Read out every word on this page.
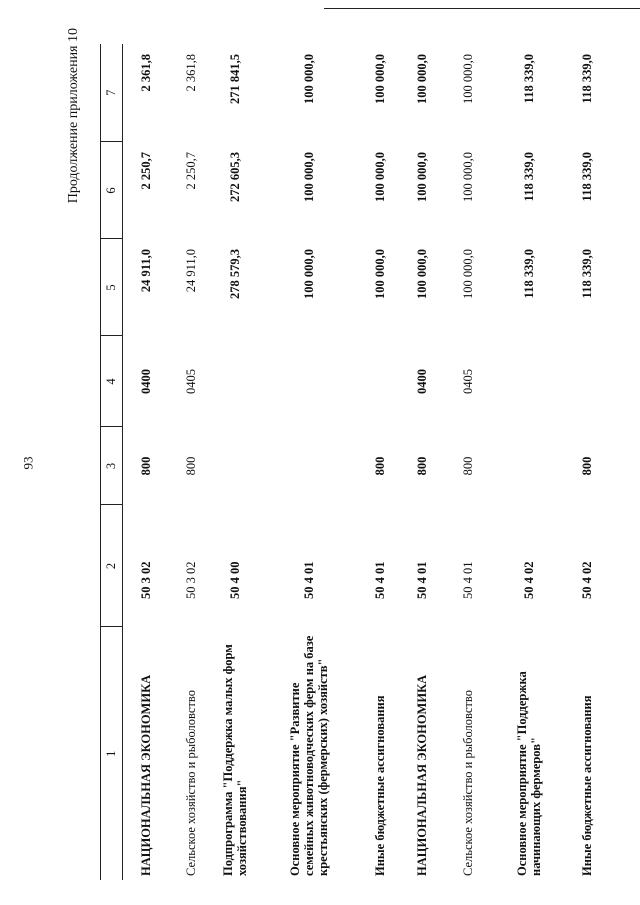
93
Продолжение приложения 10
1	2	3	4	5	6	7
НАЦИОНАЛЬНАЯ ЭКОНОМИКА	50 3 02	800	0400	24 911,0	2 250,7	2 361,8
Сельское хозяйство и рыболовство	50 3 02	800	0405	24 911,0	2 250,7	2 361,8
Подпрограмма "Поддержка малых форм хозяйствования"	50 4 00			278 579,3	272 605,3	271 841,5
Основное мероприятие "Развитие семейных животноводческих ферм на базе крестьянских (фермерских) хозяйств"	50 4 01			100 000,0	100 000,0	100 000,0
Иные бюджетные ассигнования	50 4 01	800		100 000,0	100 000,0	100 000,0
НАЦИОНАЛЬНАЯ ЭКОНОМИКА	50 4 01	800	0400	100 000,0	100 000,0	100 000,0
Сельское хозяйство и рыболовство	50 4 01	800	0405	100 000,0	100 000,0	100 000,0
Основное мероприятие "Поддержка начинающих фермеров"	50 4 02			118 339,0	118 339,0	118 339,0
Иные бюджетные ассигнования	50 4 02	800		118 339,0	118 339,0	118 339,0
